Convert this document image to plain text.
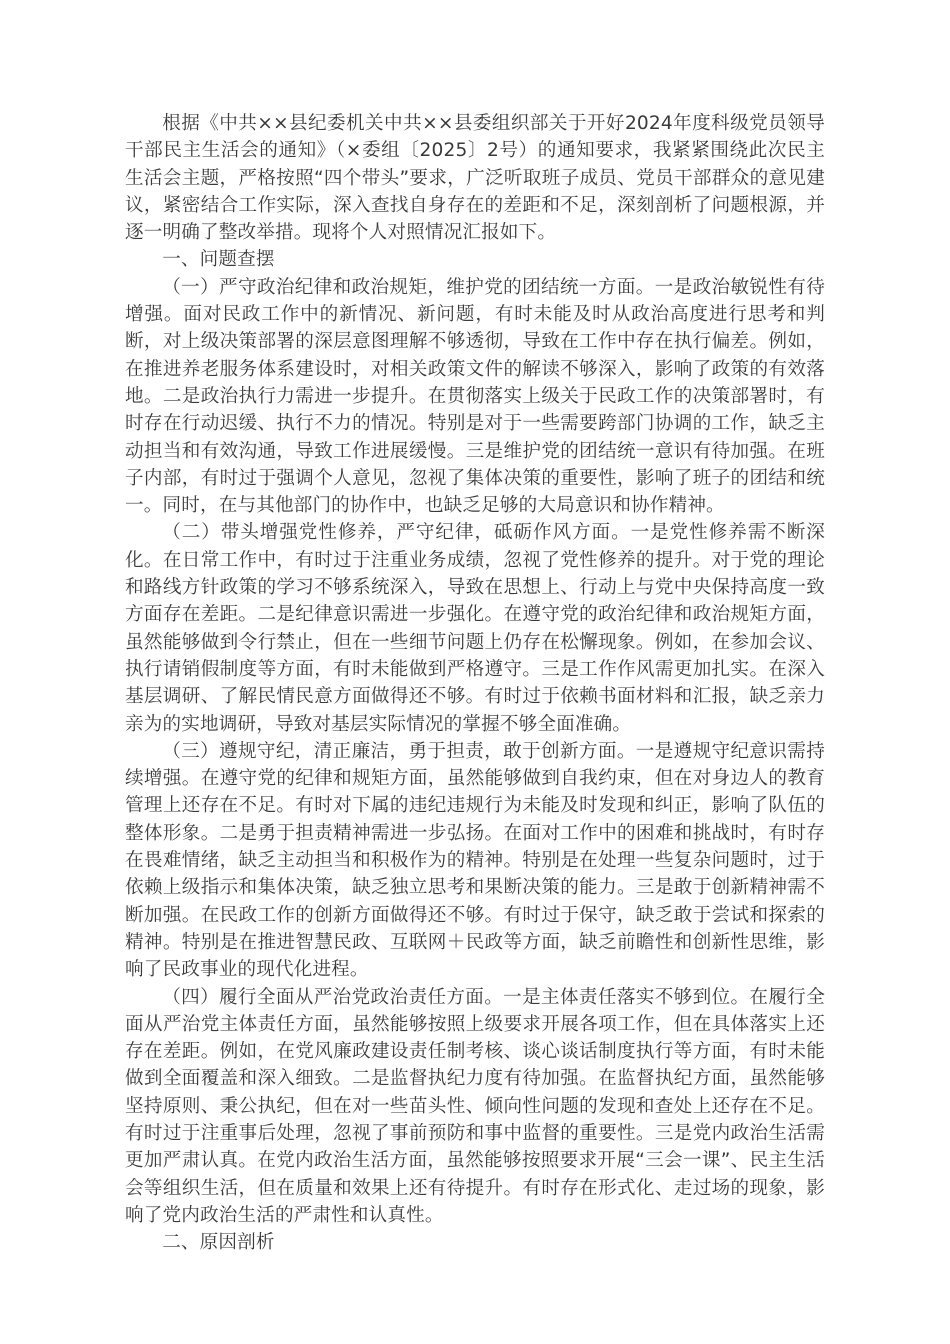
根据《中共××县纪委机关中共××县委组织部关于开好2024年度科级党员领导干部民主生活会的通知》（×委组〔2025〕2号）的通知要求，我紧紧围绕此次民主生活会主题，严格按照“四个带头”要求，广泛听取班子成员、党员干部群众的意见建议，紧密结合工作实际，深入查找自身存在的差距和不足，深刻剖析了问题根源，并逐一明确了整改举措。现将个人对照情况汇报如下。

一、问题查摆

（一）严守政治纪律和政治规矩，维护党的团结统一方面。一是政治敏锐性有待增强。面对民政工作中的新情况、新问题，有时未能及时从政治高度进行思考和判断，对上级决策部署的深层意图理解不够透彻，导致在工作中存在执行偏差。例如，在推进养老服务体系建设时，对相关政策文件的解读不够深入，影响了政策的有效落地。二是政治执行力需进一步提升。在贯彻落实上级关于民政工作的决策部署时，有时存在行动迟缓、执行不力的情况。特别是对于一些需要跨部门协调的工作，缺乏主动担当和有效沟通，导致工作进展缓慢。三是维护党的团结统一意识有待加强。在班子内部，有时过于强调个人意见，忽视了集体决策的重要性，影响了班子的团结和统一。同时，在与其他部门的协作中，也缺乏足够的大局意识和协作精神。

（二）带头增强党性修养，严守纪律，砥砺作风方面。一是党性修养需不断深化。在日常工作中，有时过于注重业务成绩，忽视了党性修养的提升。对于党的理论和路线方针政策的学习不够系统深入，导致在思想上、行动上与党中央保持高度一致方面存在差距。二是纪律意识需进一步强化。在遵守党的政治纪律和政治规矩方面，虽然能够做到令行禁止，但在一些细节问题上仍存在松懈现象。例如，在参加会议、执行请销假制度等方面，有时未能做到严格遵守。三是工作作风需更加扎实。在深入基层调研、了解民情民意方面做得还不够。有时过于依赖书面材料和汇报，缺乏亲力亲为的实地调研，导致对基层实际情况的掌握不够全面准确。

（三）遵规守纪，清正廉洁，勇于担责，敢于创新方面。一是遵规守纪意识需持续增强。在遵守党的纪律和规矩方面，虽然能够做到自我约束，但在对身边人的教育管理上还存在不足。有时对下属的违纪违规行为未能及时发现和纠正，影响了队伍的整体形象。二是勇于担责精神需进一步弘扬。在面对工作中的困难和挑战时，有时存在畏难情绪，缺乏主动担当和积极作为的精神。特别是在处理一些复杂问题时，过于依赖上级指示和集体决策，缺乏独立思考和果断决策的能力。三是敢于创新精神需不断加强。在民政工作的创新方面做得还不够。有时过于保守，缺乏敢于尝试和探索的精神。特别是在推进智慧民政、互联网＋民政等方面，缺乏前瞻性和创新性思维，影响了民政事业的现代化进程。

（四）履行全面从严治党政治责任方面。一是主体责任落实不够到位。在履行全面从严治党主体责任方面，虽然能够按照上级要求开展各项工作，但在具体落实上还存在差距。例如，在党风廉政建设责任制考核、谈心谈话制度执行等方面，有时未能做到全面覆盖和深入细致。二是监督执纪力度有待加强。在监督执纪方面，虽然能够坚持原则、秉公执纪，但在对一些苗头性、倾向性问题的发现和查处上还存在不足。有时过于注重事后处理，忽视了事前预防和事中监督的重要性。三是党内政治生活需更加严肃认真。在党内政治生活方面，虽然能够按照要求开展“三会一课”、民主生活会等组织生活，但在质量和效果上还有待提升。有时存在形式化、走过场的现象，影响了党内政治生活的严肃性和认真性。

二、原因剖析
